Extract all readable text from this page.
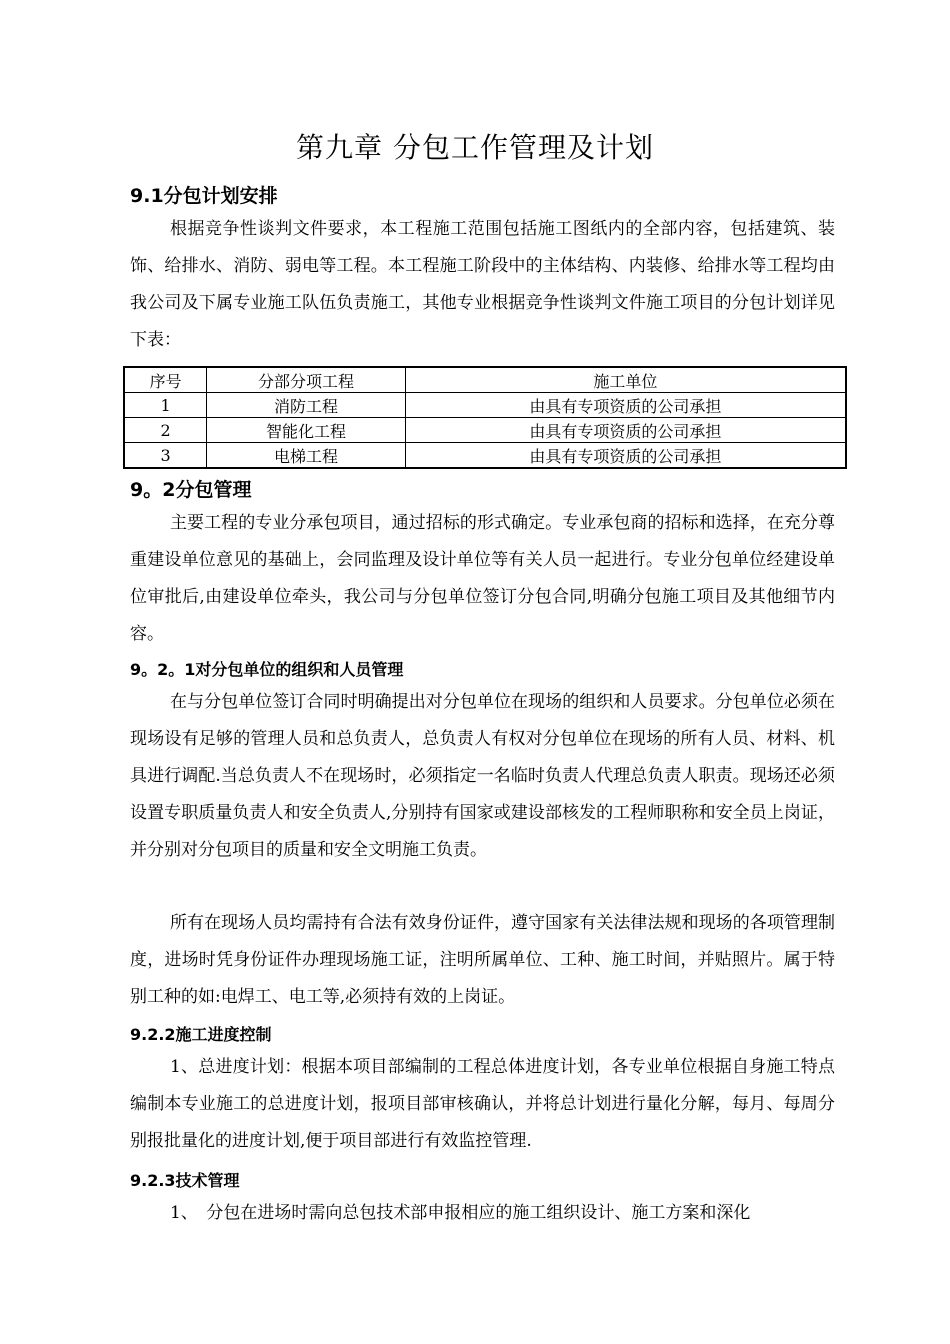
第九章 分包工作管理及计划
9.1分包计划安排

根据竞争性谈判文件要求，本工程施工范围包括施工图纸内的全部内容，包括建筑、装饰、给排水、消防、弱电等工程。本工程施工阶段中的主体结构、内装修、给排水等工程均由我公司及下属专业施工队伍负责施工，其他专业根据竞争性谈判文件施工项目的分包计划详见下表：

序号	分部分项工程	施工单位
1	消防工程	由具有专项资质的公司承担
2	智能化工程	由具有专项资质的公司承担
3	电梯工程	由具有专项资质的公司承担
9。2分包管理

主要工程的专业分承包项目，通过招标的形式确定。专业承包商的招标和选择，在充分尊重建设单位意见的基础上，会同监理及设计单位等有关人员一起进行。专业分包单位经建设单位审批后,由建设单位牵头，我公司与分包单位签订分包合同,明确分包施工项目及其他细节内容。

9。2。1对分包单位的组织和人员管理

在与分包单位签订合同时明确提出对分包单位在现场的组织和人员要求。分包单位必须在现场设有足够的管理人员和总负责人，总负责人有权对分包单位在现场的所有人员、材料、机具进行调配.当总负责人不在现场时，必须指定一名临时负责人代理总负责人职责。现场还必须设置专职质量负责人和安全负责人,分别持有国家或建设部核发的工程师职称和安全员上岗证，并分别对分包项目的质量和安全文明施工负责。

所有在现场人员均需持有合法有效身份证件，遵守国家有关法律法规和现场的各项管理制度，进场时凭身份证件办理现场施工证，注明所属单位、工种、施工时间，并贴照片。属于特别工种的如:电焊工、电工等,必须持有效的上岗证。

9.2.2施工进度控制

1、总进度计划：根据本项目部编制的工程总体进度计划，各专业单位根据自身施工特点编制本专业施工的总进度计划，报项目部审核确认，并将总计划进行量化分解，每月、每周分别报批量化的进度计划,便于项目部进行有效监控管理.

9.2.3技术管理

1、　分包在进场时需向总包技术部申报相应的施工组织设计、施工方案和深化
